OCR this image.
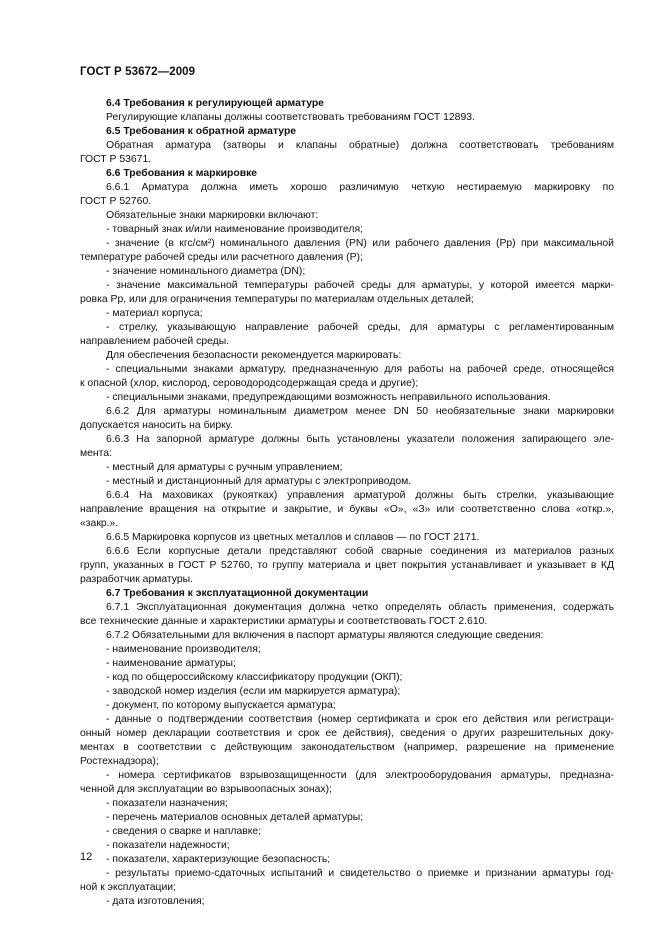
ГОСТ Р 53672—2009
6.4 Требования к регулирующей арматуре
Регулирующие клапаны должны соответствовать требованиям ГОСТ 12893.
6.5 Требования к обратной арматуре
Обратная арматура (затворы и клапаны обратные) должна соответствовать требованиям
ГОСТ Р 53671.
6.6 Требования к маркировке
6.6.1 Арматура должна иметь хорошо различимую четкую нестираемую маркировку по
ГОСТ Р 52760.
Обязательные знаки маркировки включают:
- товарный знак и/или наименование производителя;
- значение (в кгс/см²) номинального давления (PN) или рабочего давления (Pp) при максимальной
температуре рабочей среды или расчетного давления (P);
- значение номинального диаметра (DN);
- значение максимальной температуры рабочей среды для арматуры, у которой имеется марки-
ровка Pp, или для ограничения температуры по материалам отдельных деталей;
- материал корпуса;
- стрелку, указывающую направление рабочей среды, для арматуры с регламентированным
направлением рабочей среды.
Для обеспечения безопасности рекомендуется маркировать:
- специальными знаками арматуру, предназначенную для работы на рабочей среде, относящейся
к опасной (хлор, кислород, сероводородсодержащая среда и другие);
- специальными знаками, предупреждающими возможность неправильного использования.
6.6.2 Для арматуры номинальным диаметром менее DN 50 необязательные знаки маркировки
допускается наносить на бирку.
6.6.3 На запорной арматуре должны быть установлены указатели положения запирающего эле-
мента:
- местный для арматуры с ручным управлением;
- местный и дистанционный для арматуры с электроприводом.
6.6.4 На маховиках (рукоятках) управления арматурой должны быть стрелки, указывающие
направление вращения на открытие и закрытие, и буквы «О», «З» или соответственно слова «откр.»,
«закр.».
6.6.5 Маркировка корпусов из цветных металлов и сплавов — по ГОСТ 2171.
6.6.6 Если корпусные детали представляют собой сварные соединения из материалов разных
групп, указанных в ГОСТ Р 52760, то группу материала и цвет покрытия устанавливает и указывает в КД
разработчик арматуры.
6.7 Требования к эксплуатационной документации
6.7.1 Эксплуатационная документация должна четко определять область применения, содержать
все технические данные и характеристики арматуры и соответствовать ГОСТ 2.610.
6.7.2 Обязательными для включения в паспорт арматуры являются следующие сведения:
- наименование производителя;
- наименование арматуры;
- код по общероссийскому классификатору продукции (ОКП);
- заводской номер изделия (если им маркируется арматура);
- документ, по которому выпускается арматура;
- данные о подтверждении соответствия (номер сертификата и срок его действия или регистраци-
онный номер декларации соответствия и срок ее действия), сведения о других разрешительных доку-
ментах в соответствии с действующим законодательством (например, разрешение на применение
Ростехнадзора);
- номера сертификатов взрывозащищенности (для электрооборудования арматуры, предназна-
ченной для эксплуатации во взрывоопасных зонах);
- показатели назначения;
- перечень материалов основных деталей арматуры;
- сведения о сварке и наплавке;
- показатели надежности;
- показатели, характеризующие безопасность;
- результаты приемо-сдаточных испытаний и свидетельство о приемке и признании арматуры год-
ной к эксплуатации;
- дата изготовления;
12
